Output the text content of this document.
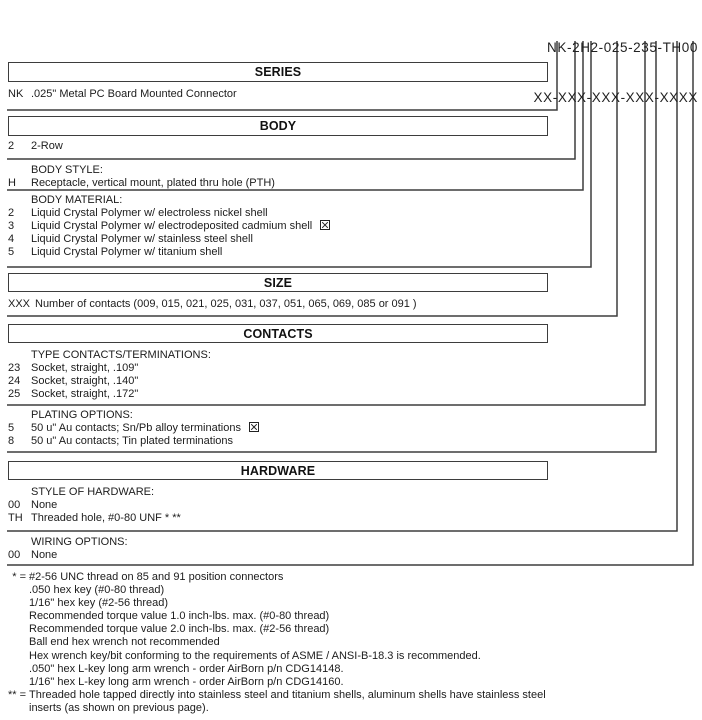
NK-2H2-025-235-TH00

XX-XXX-XXX-XXX-XXXX

SERIES
NK .025" Metal PC Board Mounted Connector
BODY
2 2-Row
BODY STYLE:
H Receptacle, vertical mount, plated thru hole (PTH)
BODY MATERIAL:
2 Liquid Crystal Polymer w/ electroless nickel shell
3 Liquid Crystal Polymer w/ electrodeposited cadmium shell
4 Liquid Crystal Polymer w/ stainless steel shell
5 Liquid Crystal Polymer w/ titanium shell
SIZE
XXX Number of contacts (009, 015, 021, 025, 031, 037, 051, 065, 069, 085 or 091 )
CONTACTS
TYPE CONTACTS/TERMINATIONS:
23 Socket, straight, .109"
24 Socket, straight, .140"
25 Socket, straight, .172"
PLATING OPTIONS:
5 50 u" Au contacts; Sn/Pb alloy terminations
8 50 u" Au contacts; Tin plated terminations
HARDWARE
STYLE OF HARDWARE:
00 None
TH Threaded hole, #0-80 UNF * **
WIRING OPTIONS:
00 None
* = #2-56 UNC thread on 85 and 91 position connectors
.050 hex key (#0-80 thread)
1/16" hex key (#2-56 thread)
Recommended torque value 1.0 inch-lbs. max. (#0-80 thread)
Recommended torque value 2.0 inch-lbs. max. (#2-56 thread)
Ball end hex wrench not recommended
Hex wrench key/bit conforming to the requirements of ASME / ANSI-B-18.3 is recommended.
.050" hex L-key long arm wrench - order AirBorn p/n CDG14148.
1/16" hex L-key long arm wrench - order AirBorn p/n CDG14160.
** = Threaded hole tapped directly into stainless steel and titanium shells, aluminum shells have stainless steel
inserts (as shown on previous page).
